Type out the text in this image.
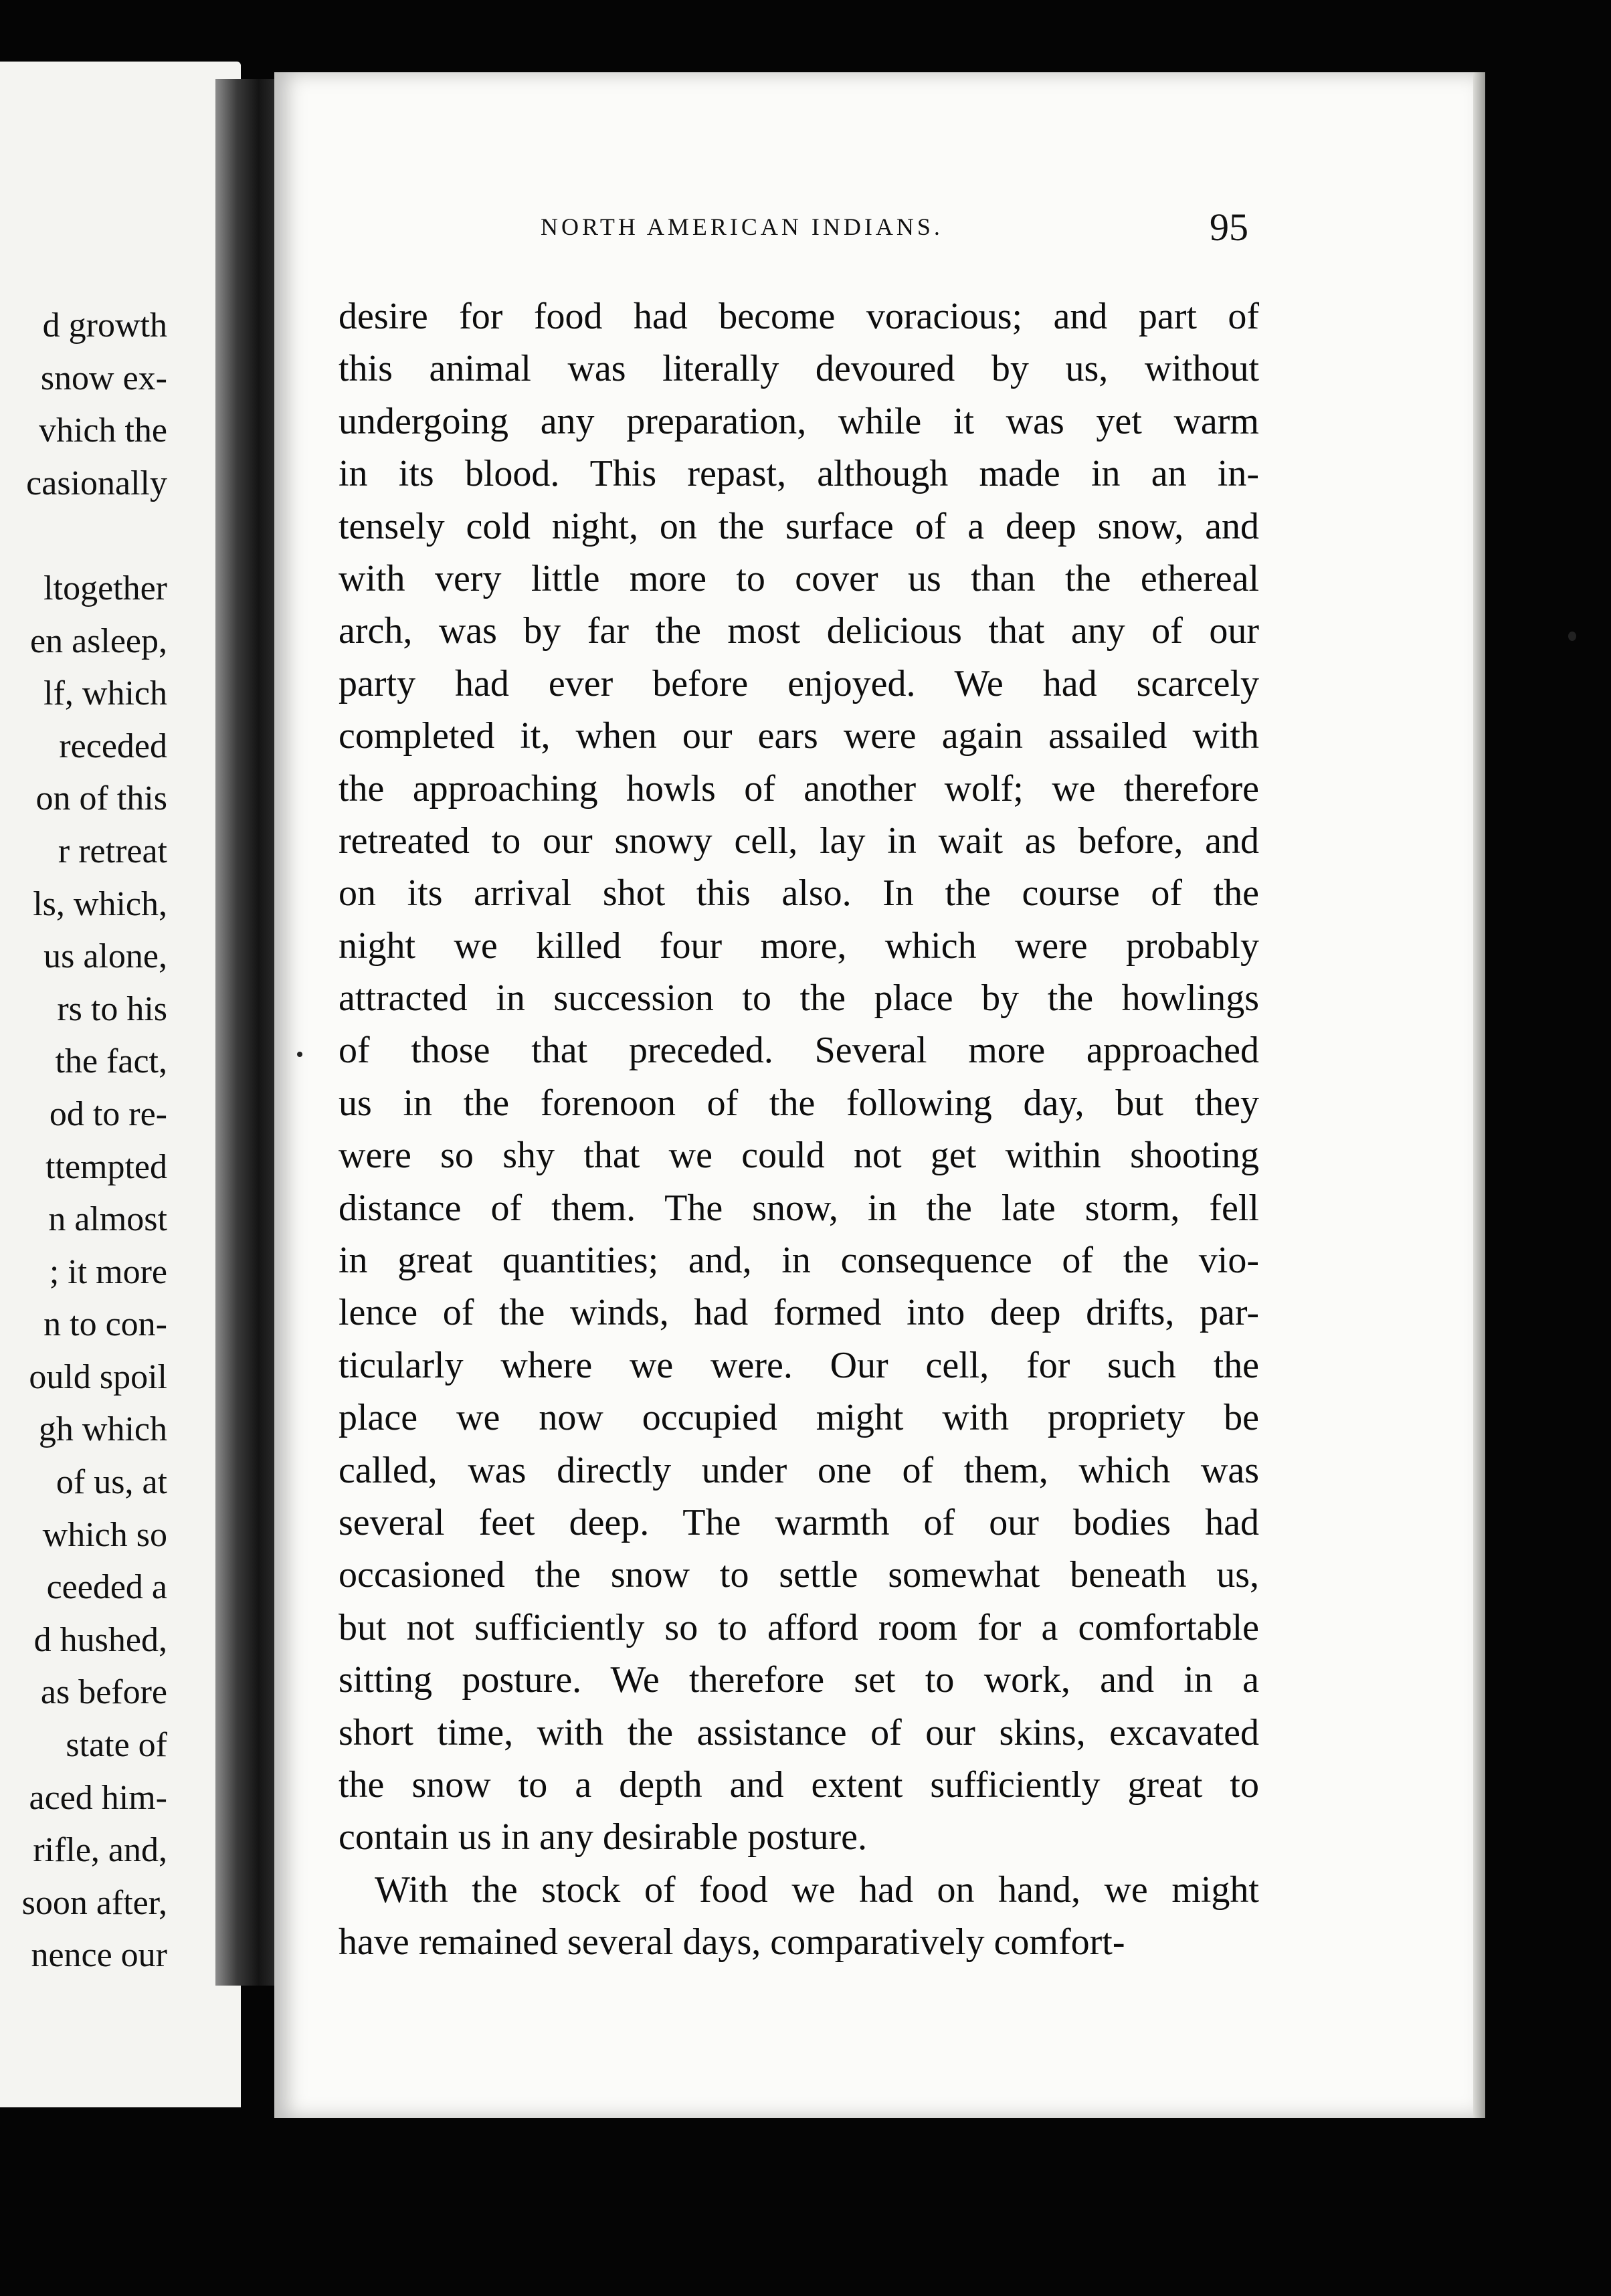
d growth
snow ex-
vhich the
casionally
ltogether
en asleep,
lf, which
receded
on of this
r retreat
ls, which,
us alone,
rs to his
the fact,
od to re-
ttempted
n almost
; it more
n to con-
ould spoil
gh which
of us, at
which so
ceeded a
d hushed,
as before
state of
aced him-
rifle, and,
soon after,
nence our
NORTH AMERICAN INDIANS.	95
desire for food had become voracious; and part of
this animal was literally devoured by us, without
undergoing any preparation, while it was yet warm
in its blood. This repast, although made in an in-
tensely cold night, on the surface of a deep snow, and
with very little more to cover us than the ethereal
arch, was by far the most delicious that any of our
party had ever before enjoyed. We had scarcely
completed it, when our ears were again assailed with
the approaching howls of another wolf; we therefore
retreated to our snowy cell, lay in wait as before, and
on its arrival shot this also. In the course of the
night we killed four more, which were probably
attracted in succession to the place by the howlings
of those that preceded. Several more approached
us in the forenoon of the following day, but they
were so shy that we could not get within shooting
distance of them. The snow, in the late storm, fell
in great quantities; and, in consequence of the vio-
lence of the winds, had formed into deep drifts, par-
ticularly where we were. Our cell, for such the
place we now occupied might with propriety be
called, was directly under one of them, which was
several feet deep. The warmth of our bodies had
occasioned the snow to settle somewhat beneath us,
but not sufficiently so to afford room for a comfortable
sitting posture. We therefore set to work, and in a
short time, with the assistance of our skins, excavated
the snow to a depth and extent sufficiently great to
contain us in any desirable posture.
With the stock of food we had on hand, we might
have remained several days, comparatively comfort-
